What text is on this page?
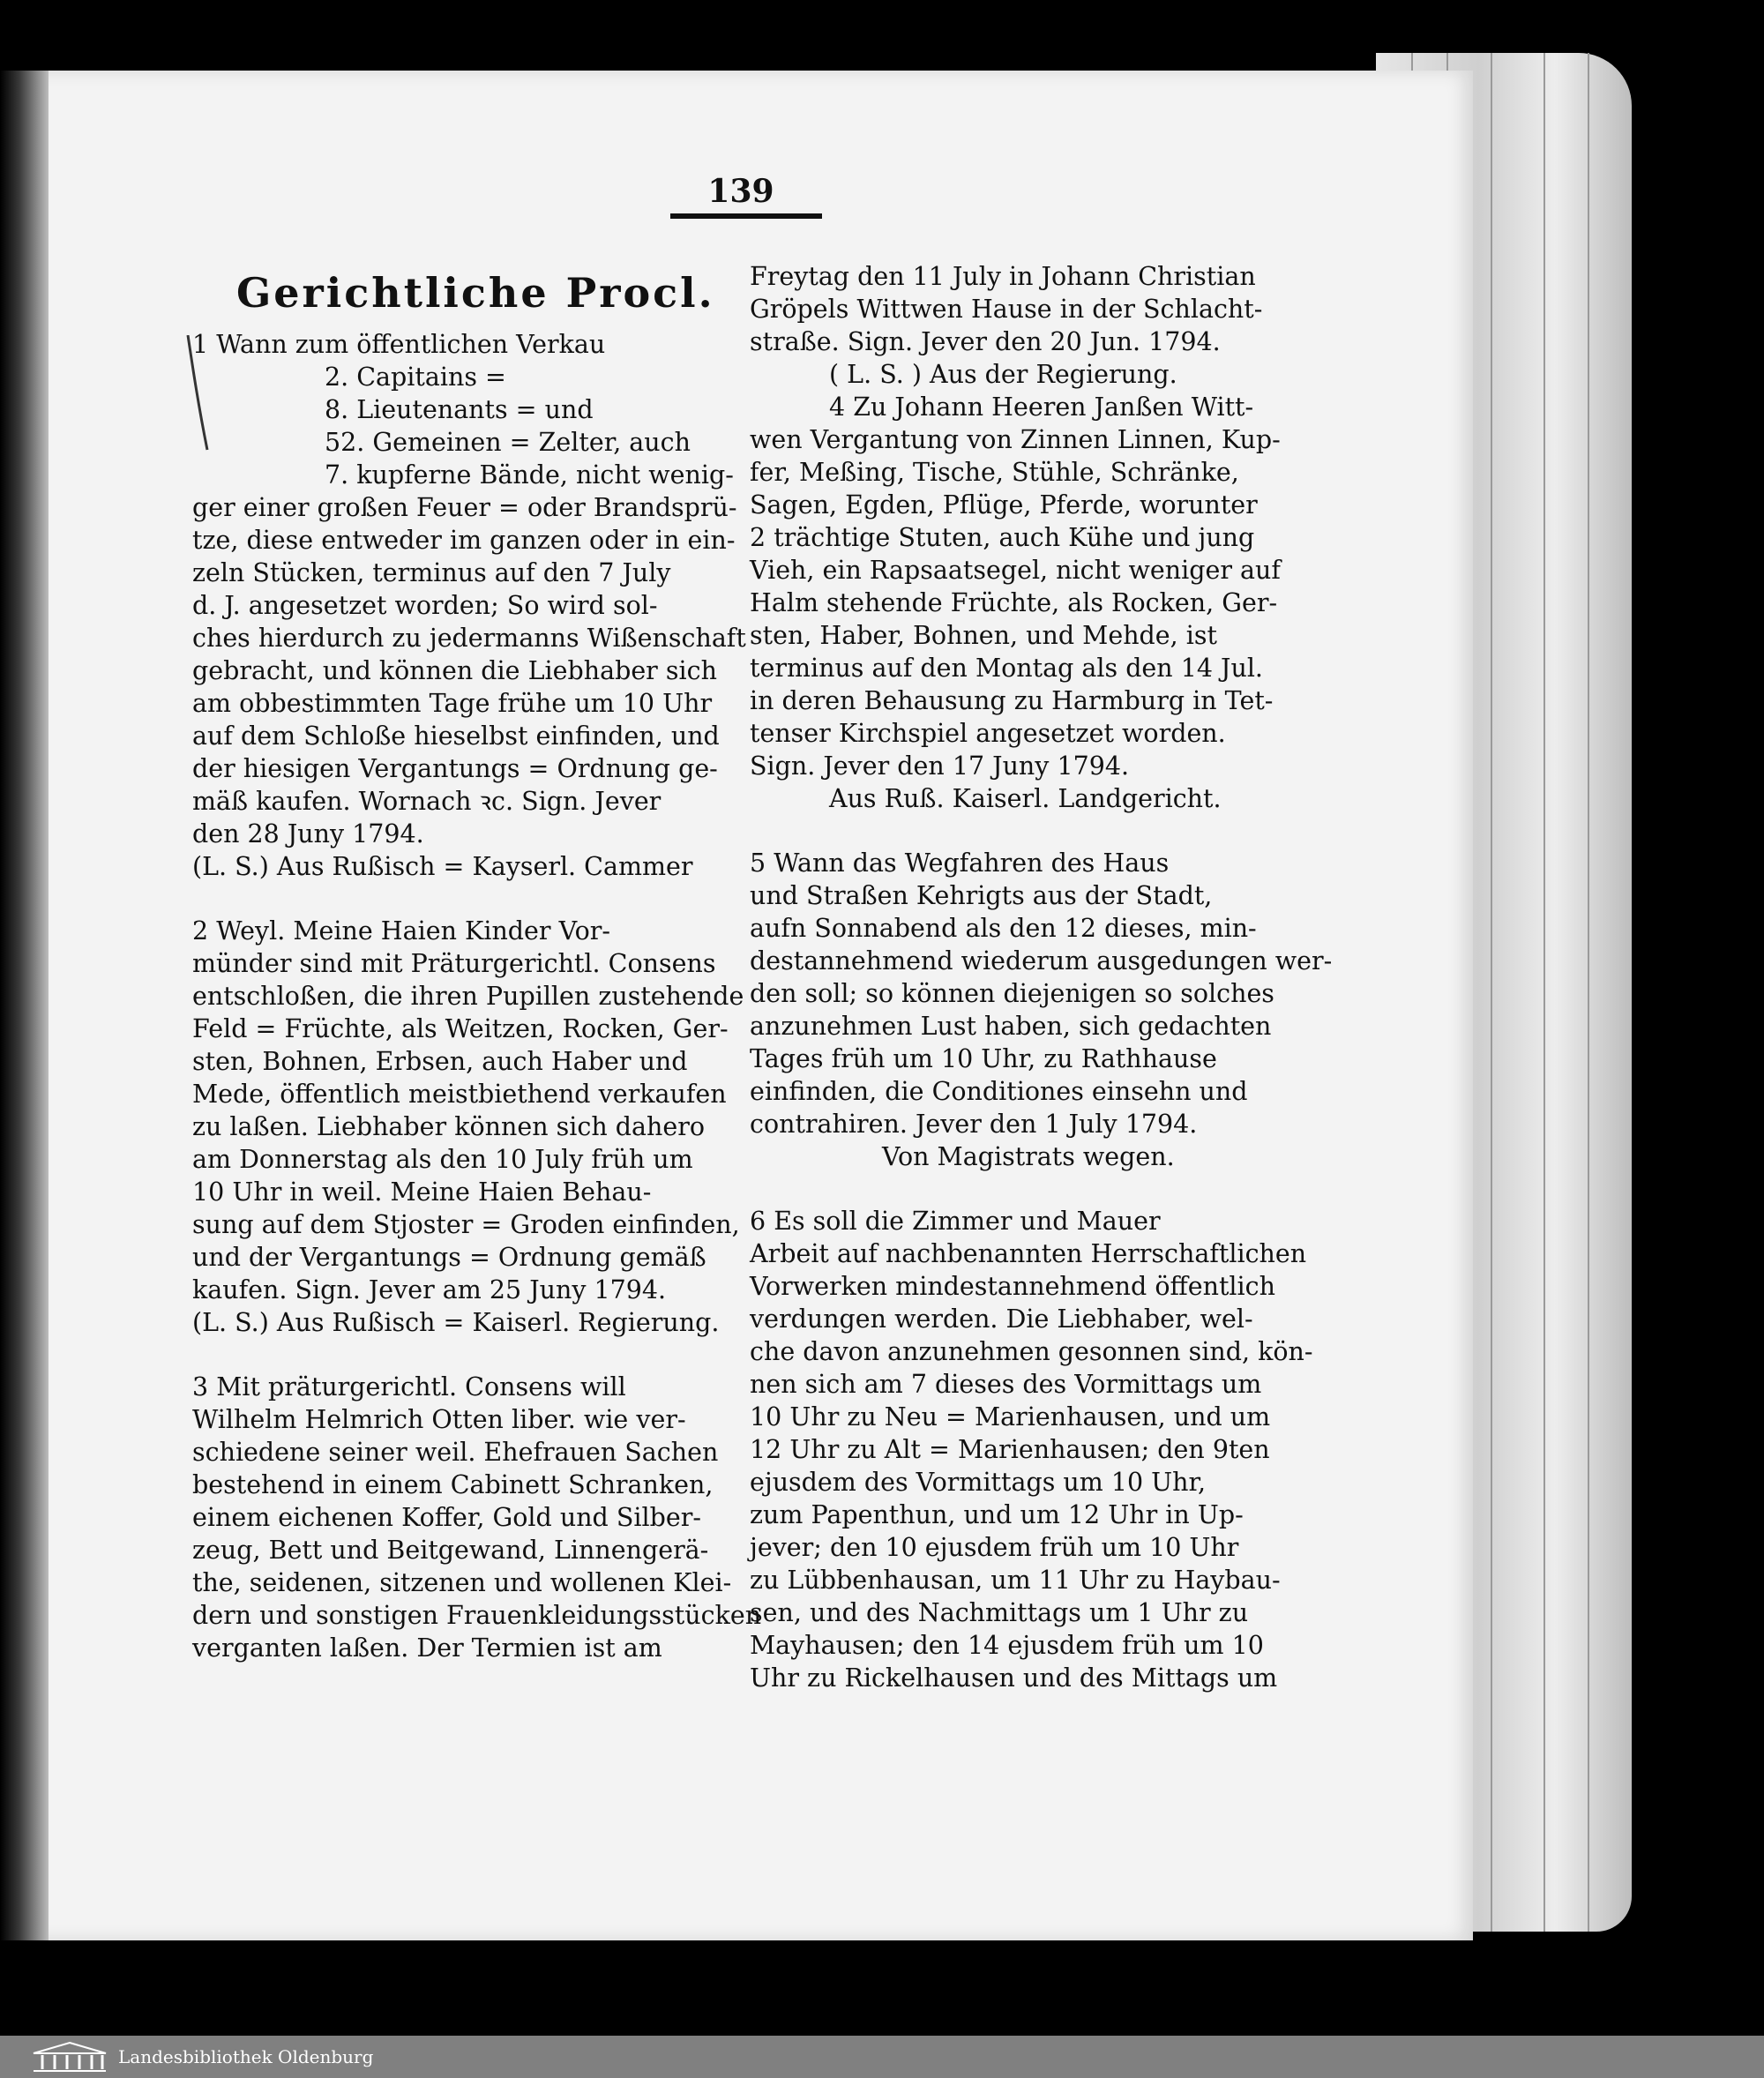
139
Gerichtliche Procl.
1 Wann zum öffentlichen Verkau
2. Capitains =
8. Lieutenants = und
52. Gemeinen = Zelter, auch
7. kupferne Bände, nicht wenig-
ger einer großen Feuer = oder Brandsprü-
tze, diese entweder im ganzen oder in ein-
zeln Stücken, terminus auf den 7 July
d. J. angesetzet worden; So wird sol-
ches hierdurch zu jedermanns Wißenschaft
gebracht, und können die Liebhaber sich
am obbestimmten Tage frühe um 10 Uhr
auf dem Schloße hieselbst einfinden, und
der hiesigen Vergantungs = Ordnung ge-
mäß kaufen. Wornach ꝛc. Sign. Jever
den 28 Juny 1794.
(L. S.) Aus Rußisch = Kayserl. Cammer
2 Weyl. Meine Haien Kinder Vor-
münder sind mit Präturgerichtl. Consens
entschloßen, die ihren Pupillen zustehende
Feld = Früchte, als Weitzen, Rocken, Ger-
sten, Bohnen, Erbsen, auch Haber und
Mede, öffentlich meistbiethend verkaufen
zu laßen. Liebhaber können sich dahero
am Donnerstag als den 10 July früh um
10 Uhr in weil. Meine Haien Behau-
sung auf dem Stjoster = Groden einfinden,
und der Vergantungs = Ordnung gemäß
kaufen. Sign. Jever am 25 Juny 1794.
(L. S.) Aus Rußisch = Kaiserl. Regierung.
3 Mit präturgerichtl. Consens will
Wilhelm Helmrich Otten liber. wie ver-
schiedene seiner weil. Ehefrauen Sachen
bestehend in einem Cabinett Schranken,
einem eichenen Koffer, Gold und Silber-
zeug, Bett und Beitgewand, Linnengerä-
the, seidenen, sitzenen und wollenen Klei-
dern und sonstigen Frauenkleidungsstücken
verganten laßen. Der Termien ist am
Freytag den 11 July in Johann Christian
Gröpels Wittwen Hause in der Schlacht-
straße. Sign. Jever den 20 Jun. 1794.
( L. S. ) Aus der Regierung.
4 Zu Johann Heeren Janßen Witt-
wen Vergantung von Zinnen Linnen, Kup-
fer, Meßing, Tische, Stühle, Schränke,
Sagen, Egden, Pflüge, Pferde, worunter
2 trächtige Stuten, auch Kühe und jung
Vieh, ein Rapsaatsegel, nicht weniger auf
Halm stehende Früchte, als Rocken, Ger-
sten, Haber, Bohnen, und Mehde, ist
terminus auf den Montag als den 14 Jul.
in deren Behausung zu Harmburg in Tet-
tenser Kirchspiel angesetzet worden.
Sign. Jever den 17 Juny 1794.
Aus Ruß. Kaiserl. Landgericht.
5 Wann das Wegfahren des Haus
und Straßen Kehrigts aus der Stadt,
aufn Sonnabend als den 12 dieses, min-
destannehmend wiederum ausgedungen wer-
den soll; so können diejenigen so solches
anzunehmen Lust haben, sich gedachten
Tages früh um 10 Uhr, zu Rathhause
einfinden, die Conditiones einsehn und
contrahiren. Jever den 1 July 1794.
Von Magistrats wegen.
6 Es soll die Zimmer und Mauer
Arbeit auf nachbenannten Herrschaftlichen
Vorwerken mindestannehmend öffentlich
verdungen werden. Die Liebhaber, wel-
che davon anzunehmen gesonnen sind, kön-
nen sich am 7 dieses des Vormittags um
10 Uhr zu Neu = Marienhausen, und um
12 Uhr zu Alt = Marienhausen; den 9ten
ejusdem des Vormittags um 10 Uhr,
zum Papenthun, und um 12 Uhr in Up-
jever; den 10 ejusdem früh um 10 Uhr
zu Lübbenhausan, um 11 Uhr zu Haybau-
sen, und des Nachmittags um 1 Uhr zu
Mayhausen; den 14 ejusdem früh um 10
Uhr zu Rickelhausen und des Mittags um
Landesbibliothek Oldenburg
